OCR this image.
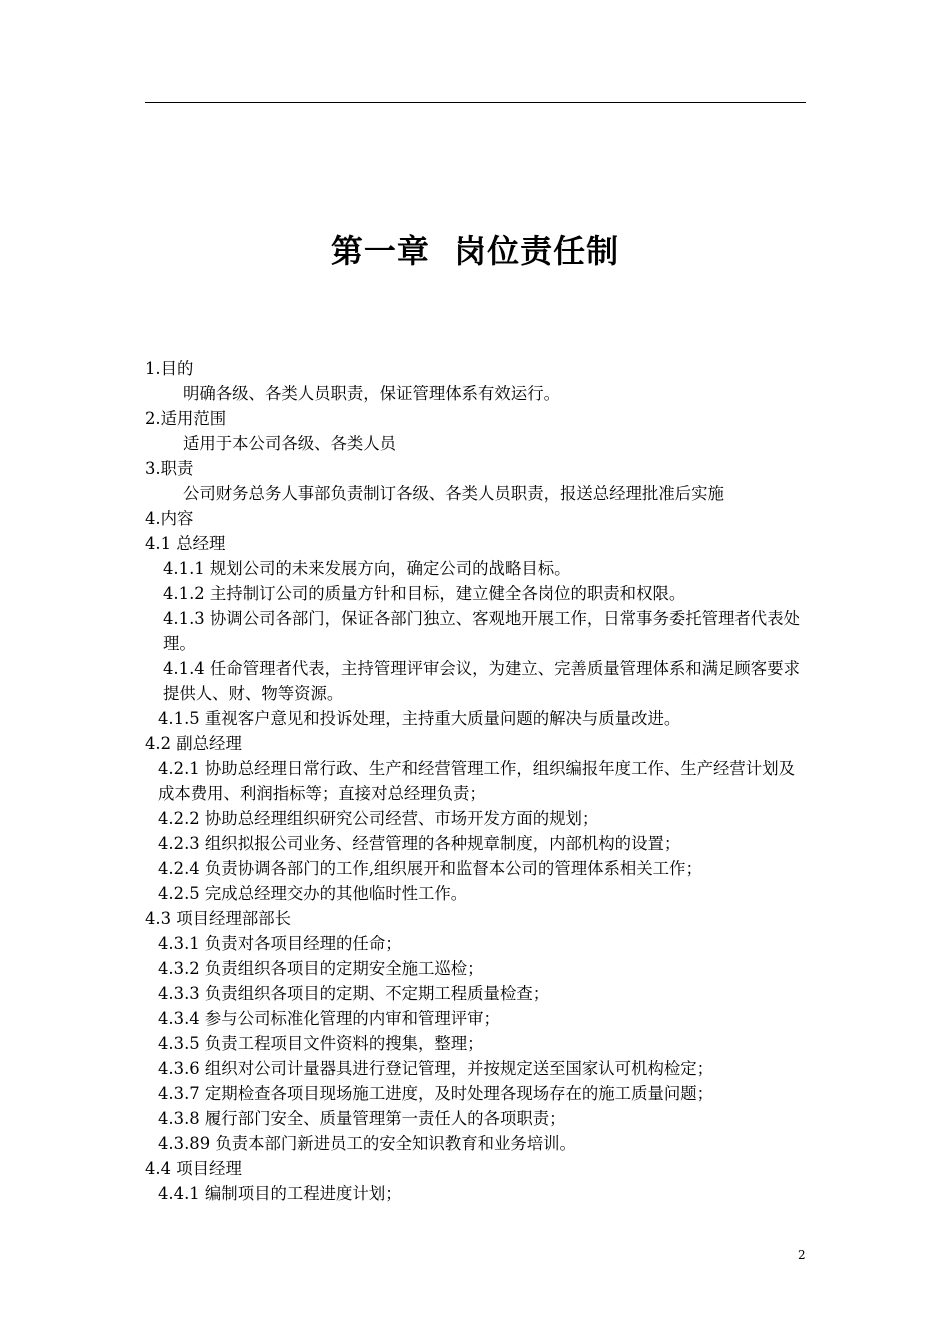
第一章  岗位责任制
1.目的
明确各级、各类人员职责，保证管理体系有效运行。
2.适用范围
适用于本公司各级、各类人员
3.职责
公司财务总务人事部负责制订各级、各类人员职责，报送总经理批准后实施
4.内容
4.1 总经理
4.1.1 规划公司的未来发展方向，确定公司的战略目标。
4.1.2 主持制订公司的质量方针和目标，建立健全各岗位的职责和权限。
4.1.3 协调公司各部门，保证各部门独立、客观地开展工作，日常事务委托管理者代表处理。
4.1.4 任命管理者代表，主持管理评审会议，为建立、完善质量管理体系和满足顾客要求提供人、财、物等资源。
4.1.5 重视客户意见和投诉处理，主持重大质量问题的解决与质量改进。
4.2 副总经理
4.2.1 协助总经理日常行政、生产和经营管理工作，组织编报年度工作、生产经营计划及成本费用、利润指标等；直接对总经理负责；
4.2.2 协助总经理组织研究公司经营、市场开发方面的规划；
4.2.3 组织拟报公司业务、经营管理的各种规章制度，内部机构的设置；
4.2.4 负责协调各部门的工作,组织展开和监督本公司的管理体系相关工作；
4.2.5 完成总经理交办的其他临时性工作。
4.3 项目经理部部长
4.3.1 负责对各项目经理的任命；
4.3.2 负责组织各项目的定期安全施工巡检；
4.3.3 负责组织各项目的定期、不定期工程质量检查；
4.3.4 参与公司标准化管理的内审和管理评审；
4.3.5 负责工程项目文件资料的搜集，整理；
4.3.6 组织对公司计量器具进行登记管理，并按规定送至国家认可机构检定；
4.3.7 定期检查各项目现场施工进度，及时处理各现场存在的施工质量问题；
4.3.8 履行部门安全、质量管理第一责任人的各项职责；
4.3.89 负责本部门新进员工的安全知识教育和业务培训。
4.4 项目经理
4.4.1 编制项目的工程进度计划；
2
